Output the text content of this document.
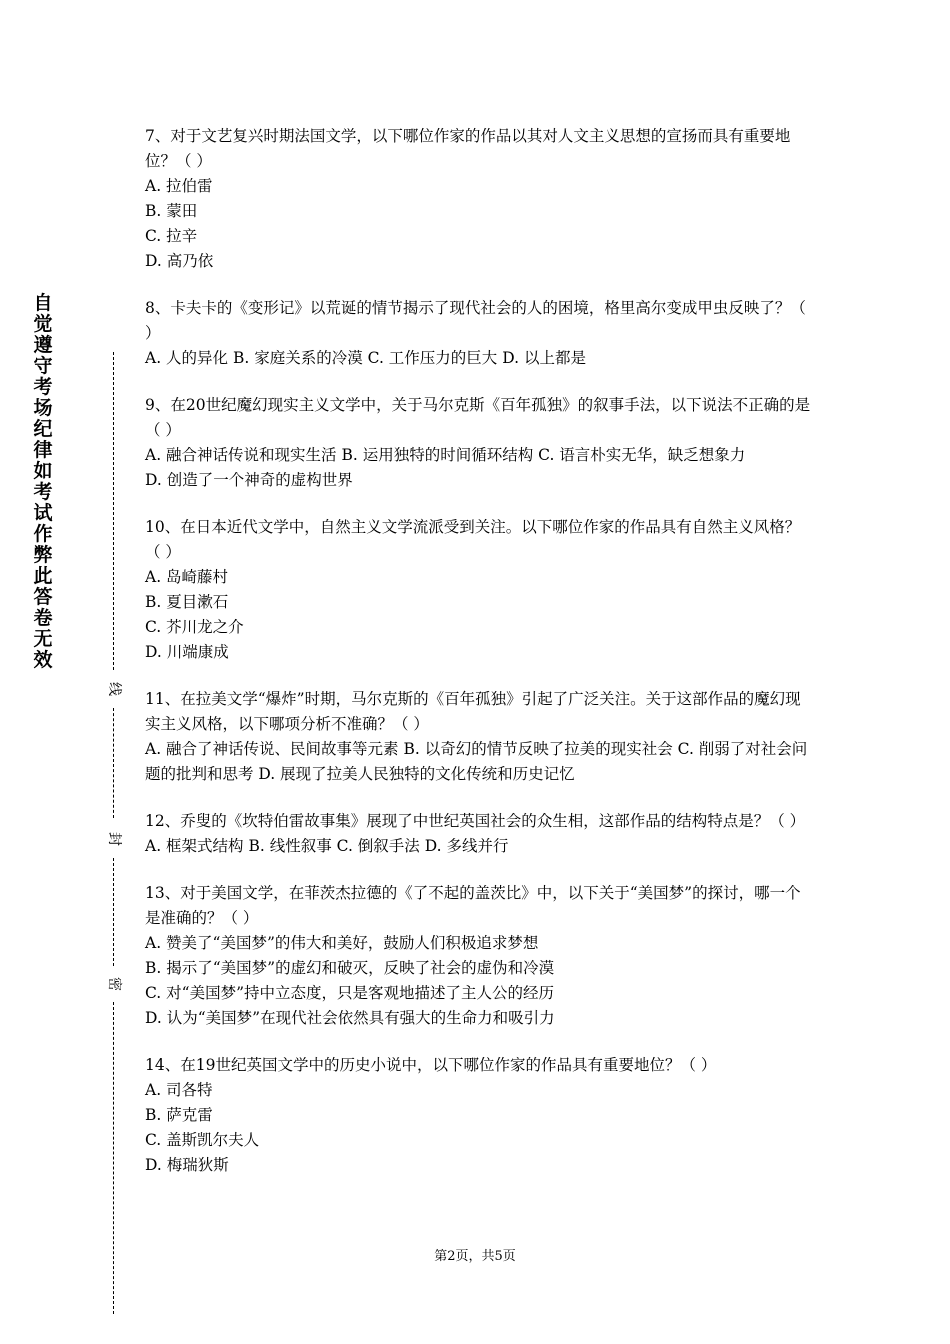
自觉遵守考场纪律如考试作弊此答卷无效
线
封
密

7、对于文艺复兴时期法国文学，以下哪位作家的作品以其对人文主义思想的宣扬而具有重要地位？（ ）

A. 拉伯雷

B. 蒙田

C. 拉辛

D. 高乃依

8、卡夫卡的《变形记》以荒诞的情节揭示了现代社会的人的困境，格里高尔变成甲虫反映了？（ ）

A. 人的异化 B. 家庭关系的冷漠 C. 工作压力的巨大 D. 以上都是

9、在20世纪魔幻现实主义文学中，关于马尔克斯《百年孤独》的叙事手法，以下说法不正确的是（ ）

A. 融合神话传说和现实生活 B. 运用独特的时间循环结构 C. 语言朴实无华，缺乏想象力

D. 创造了一个神奇的虚构世界

10、在日本近代文学中，自然主义文学流派受到关注。以下哪位作家的作品具有自然主义风格？（ ）

A. 岛崎藤村

B. 夏目漱石

C. 芥川龙之介

D. 川端康成

11、在拉美文学“爆炸”时期，马尔克斯的《百年孤独》引起了广泛关注。关于这部作品的魔幻现实主义风格，以下哪项分析不准确？（ ）

A. 融合了神话传说、民间故事等元素 B. 以奇幻的情节反映了拉美的现实社会 C. 削弱了对社会问题的批判和思考 D. 展现了拉美人民独特的文化传统和历史记忆

12、乔叟的《坎特伯雷故事集》展现了中世纪英国社会的众生相，这部作品的结构特点是？（ ）

A. 框架式结构 B. 线性叙事 C. 倒叙手法 D. 多线并行

13、对于美国文学，在菲茨杰拉德的《了不起的盖茨比》中，以下关于“美国梦”的探讨，哪一个是准确的？（ ）

A. 赞美了“美国梦”的伟大和美好，鼓励人们积极追求梦想

B. 揭示了“美国梦”的虚幻和破灭，反映了社会的虚伪和冷漠

C. 对“美国梦”持中立态度，只是客观地描述了主人公的经历

D. 认为“美国梦”在现代社会依然具有强大的生命力和吸引力

14、在19世纪英国文学中的历史小说中，以下哪位作家的作品具有重要地位？（ ）

A. 司各特

B. 萨克雷

C. 盖斯凯尔夫人

D. 梅瑞狄斯

第2页，共5页
